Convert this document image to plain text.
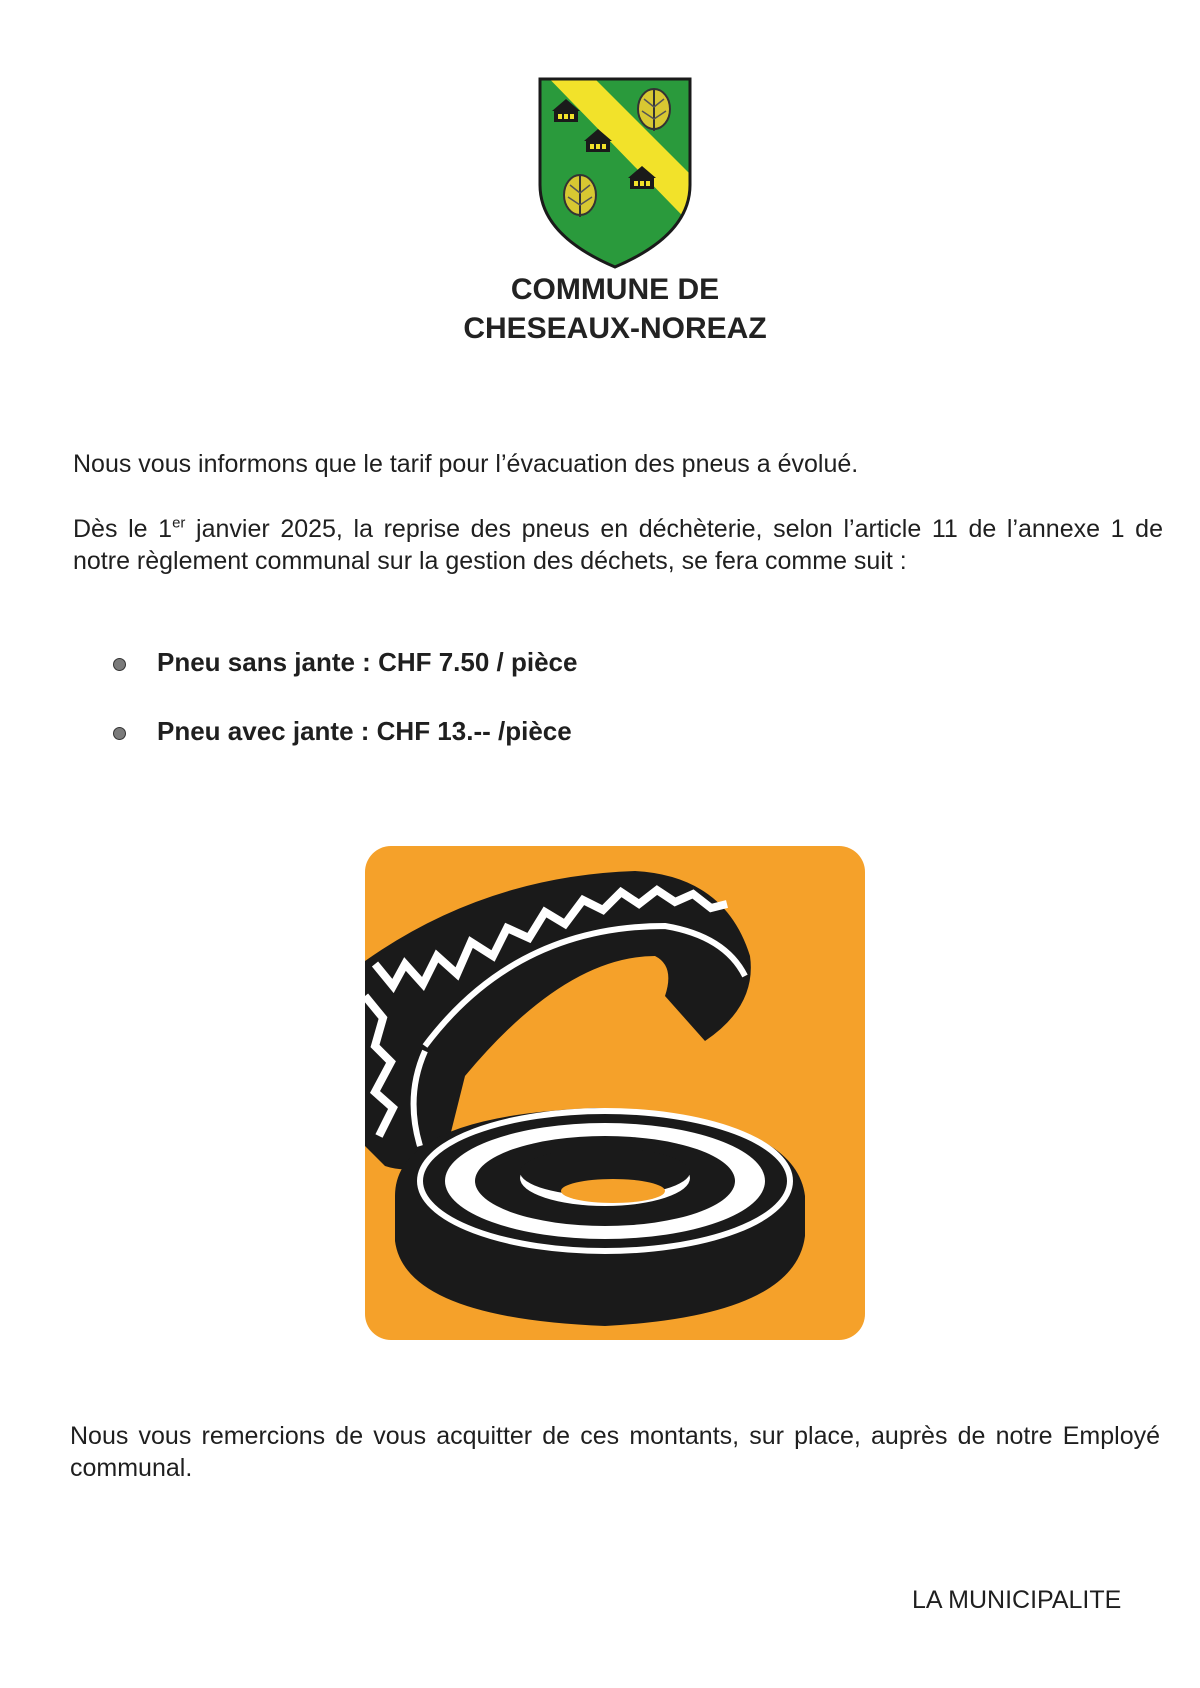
COMMUNE DE
CHESEAUX-NOREAZ
Nous vous informons que le tarif pour l’évacuation des pneus a évolué.
Dès le 1er janvier 2025, la reprise des pneus en déchèterie, selon l’article 11 de l’annexe 1 de notre règlement communal sur la gestion des déchets, se fera comme suit :
Pneu sans jante : CHF 7.50 / pièce
Pneu avec jante : CHF 13.-- /pièce
Nous vous remercions de vous acquitter de ces montants, sur place, auprès de notre Employé communal.
LA MUNICIPALITE
